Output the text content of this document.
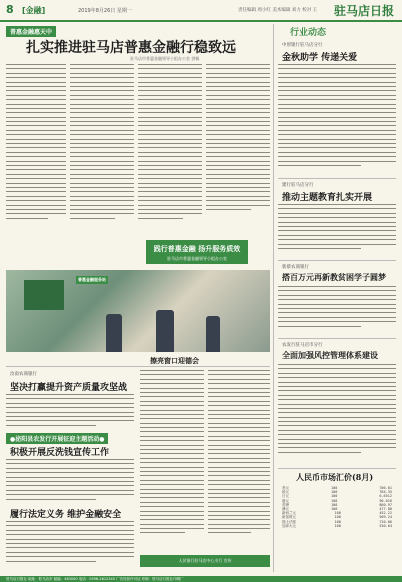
8 [金融]	2019年8月26日 星期一	责任编辑 周小红 美术编辑 刘力 校对 王 驻马店日报
普惠金融惠天中
扎实推进驻马店普惠金融行稳致远
驻马店市普惠金融领导小组办公室 供稿
践行普惠金融 扬升服务质效
驻马店市普惠金融领导小组办公室
普惠金融服务站
擦亮窗口迎德会
汝南农商银行
坚决打赢提升资产质量攻坚战
●泌阳县农发行开展征迎主题活动●
积极开展反洗钱宣传工作
履行法定义务 维护金融安全
人民银行驻马店中心支行 宣传
行业动态
中原银行驻马店分行
金秋助学 传递关爱
建行驻马店分行
推动主题教育扎实开展
新蔡农商银行
搭百万元再新教贫困学子圆梦
农发行驻马店市分行
全面加强风控管理体系建设
人民币市场汇价(8月)
美元	100	706.01
欧元	100	784.35
日元	100	6.6512
港元	100	90.016
英镑	100	860.97
澳元	100	477.80
新西兰元	100	452.22
新加坡元	100	509.24
瑞士法郎	100	720.06
加拿大元	100	530.64
驻马店日报社 地址：驻马店市 邮编：463000 电话：0396-2612345 广告经营许可证 印刷：驻马店日报社印刷厂
